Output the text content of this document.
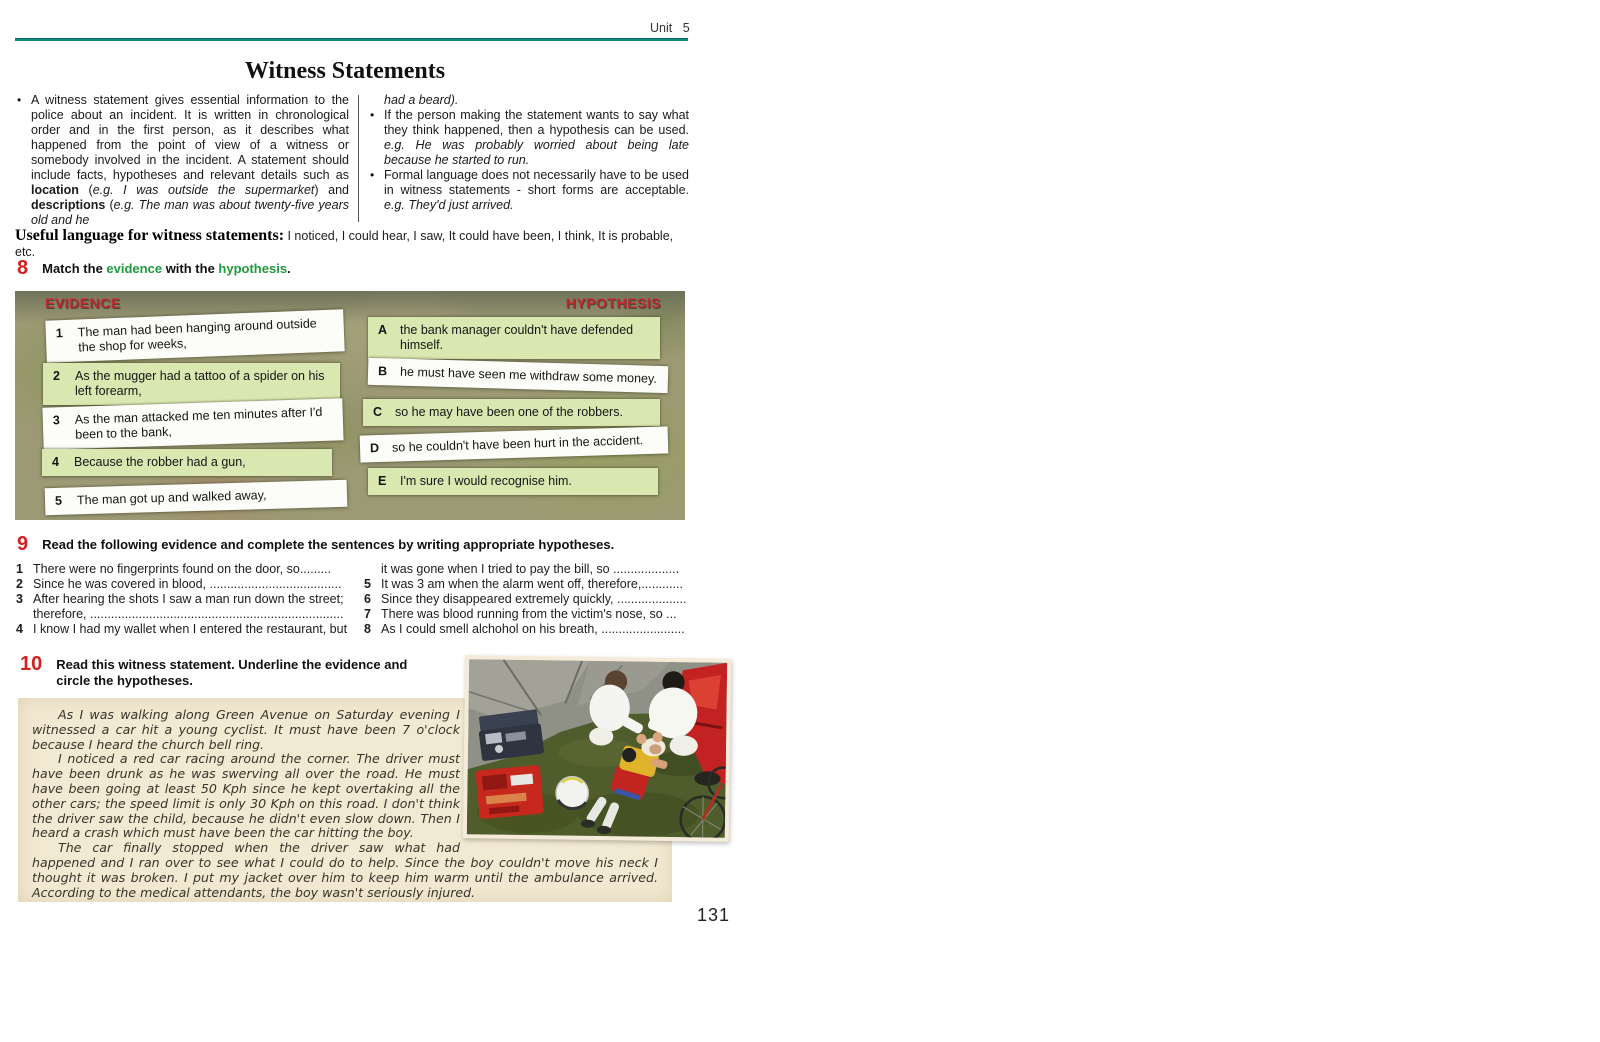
Unit 5
Witness Statements
• A witness statement gives essential information to the police about an incident. It is written in chronological order and in the first person, as it describes what happened from the point of view of a witness or somebody involved in the incident. A statement should include facts, hypotheses and relevant details such as location (e.g. I was outside the supermarket) and descriptions (e.g. The man was about twenty-five years old and he

had a beard).

• If the person making the statement wants to say what they think happened, then a hypothesis can be used. e.g. He was probably worried about being late because he started to run.

• Formal language does not necessarily have to be used in witness statements - short forms are acceptable. e.g. They'd just arrived.

Useful language for witness statements: I noticed, I could hear, I saw, It could have been, I think, It is probable, etc.

8 Match the evidence with the hypothesis.

EVIDENCE	HYPOTHESIS
1	The man had been hanging around outside the shop for weeks,
2	As the mugger had a tattoo of a spider on his left forearm,
3	As the man attacked me ten minutes after I'd been to the bank,
4	Because the robber had a gun,
5	The man got up and walked away,
A	the bank manager couldn't have defended himself.
B	he must have seen me withdraw some money.
C	so he may have been one of the robbers.
D	so he couldn't have been hurt in the accident.
E	I'm sure I would recognise him.
9 Read the following evidence and complete the sentences by writing appropriate hypotheses.

1 There were no fingerprints found on the door, so.........
2 Since he was covered in blood, ......................................
3 After hearing the shots I saw a man run down the street; therefore, .........................................................................
4 I know I had my wallet when I entered the restaurant, but
it was gone when I tried to pay the bill, so ...................
5 It was 3 am when the alarm went off, therefore,............
6 Since they disappeared extremely quickly, ....................
7 There was blood running from the victim's nose, so ...
8 As I could smell alchohol on his breath, ........................
10 Read this witness statement. Underline the evidence and circle the hypotheses.

As I was walking along Green Avenue on Saturday evening I witnessed a car hit a young cyclist. It must have been 7 o'clock because I heard the church bell ring.

I noticed a red car racing around the corner. The driver must have been drunk as he was swerving all over the road. He must have been going at least 50 Kph since he kept overtaking all the other cars; the speed limit is only 30 Kph on this road. I don't think the driver saw the child, because he didn't even slow down. Then I heard a crash which must have been the car hitting the boy.

The car finally stopped when the driver saw what had happened and I ran over to see what I could do to help. Since the boy couldn't move his neck I thought it was broken. I put my jacket over him to keep him warm until the ambulance arrived. According to the medical attendants, the boy wasn't seriously injured.

131
